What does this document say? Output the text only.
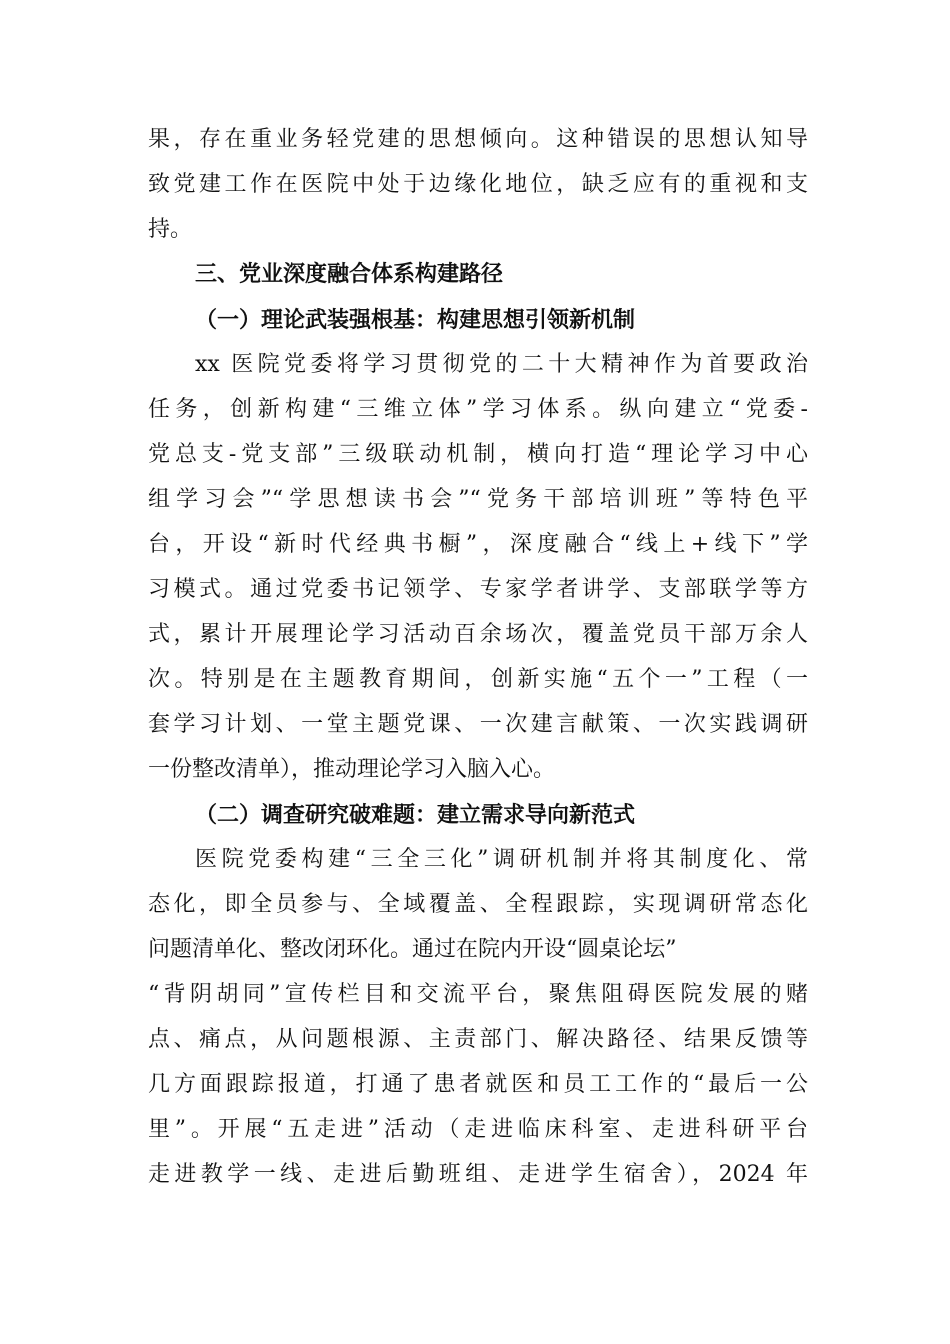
果，存在重业务轻党建的思想倾向。这种错误的思想认知导
致党建工作在医院中处于边缘化地位，缺乏应有的重视和支
持。
三、党业深度融合体系构建路径
（一）理论武装强根基：构建思想引领新机制
xx 医院党委将学习贯彻党的二十大精神作为首要政治
任务，创新构建“三维立体”学习体系。纵向建立“党委-
党总支-党支部”三级联动机制，横向打造“理论学习中心
组学习会”“学思想读书会”“党务干部培训班”等特色平
台，开设“新时代经典书橱”，深度融合“线上+线下”学
习模式。通过党委书记领学、专家学者讲学、支部联学等方
式，累计开展理论学习活动百余场次，覆盖党员干部万余人
次。特别是在主题教育期间，创新实施“五个一”工程（一
套学习计划、一堂主题党课、一次建言献策、一次实践调研
一份整改清单），推动理论学习入脑入心。
（二）调查研究破难题：建立需求导向新范式
医院党委构建“三全三化”调研机制并将其制度化、常
态化，即全员参与、全域覆盖、全程跟踪，实现调研常态化
问题清单化、整改闭环化。通过在院内开设“圆桌论坛”
“背阴胡同”宣传栏目和交流平台，聚焦阻碍医院发展的赌
点、痛点，从问题根源、主责部门、解决路径、结果反馈等
几方面跟踪报道，打通了患者就医和员工工作的“最后一公
里”。开展“五走进”活动（走进临床科室、走进科研平台
走进教学一线、走进后勤班组、走进学生宿舍），2024 年
